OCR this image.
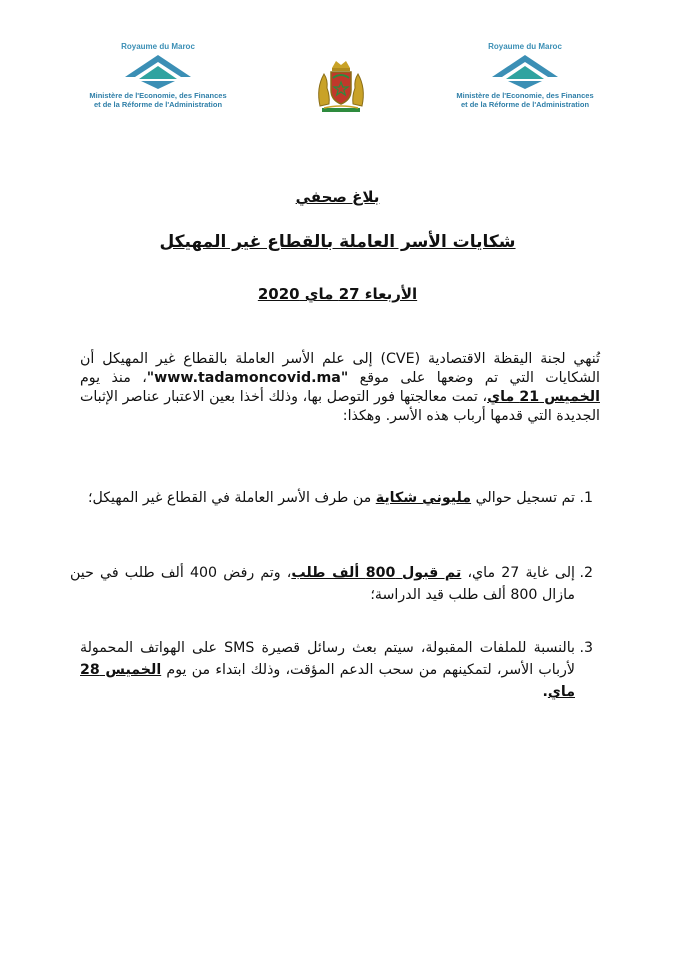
Royaume du Maroc
Ministère de l'Economie, des Finances
et de la Réforme de l'Administration
Royaume du Maroc
Ministère de l'Economie, des Finances
et de la Réforme de l'Administration
بلاغ صحفي
شكايات الأسر العاملة بالقطاع غير المهيكل
الأربعاء 27 ماي 2020

تُنهي لجنة اليقظة الاقتصادية (CVE) إلى علم الأسر العاملة بالقطاع غير المهيكل أن الشكايات التي تم وضعها على موقع "www.tadamoncovid.ma"، منذ يوم الخميس 21 ماي، تمت معالجتها فور التوصل بها، وذلك أخذا بعين الاعتبار عناصر الإثبات الجديدة التي قدمها أرباب هذه الأسر. وهكذا:

1.
تم تسجيل حوالي مليوني شكاية من طرف الأسر العاملة في القطاع غير المهيكل؛
2.
إلى غاية 27 ماي، تم قبول 800 ألف طلب، وتم رفض 400 ألف طلب في حين مازال 800 ألف طلب قيد الدراسة؛
3.
بالنسبة للملفات المقبولة، سيتم بعث رسائل قصيرة SMS على الهواتف المحمولة لأرباب الأسر، لتمكينهم من سحب الدعم المؤقت، وذلك ابتداء من يوم الخميس 28 ماي.
